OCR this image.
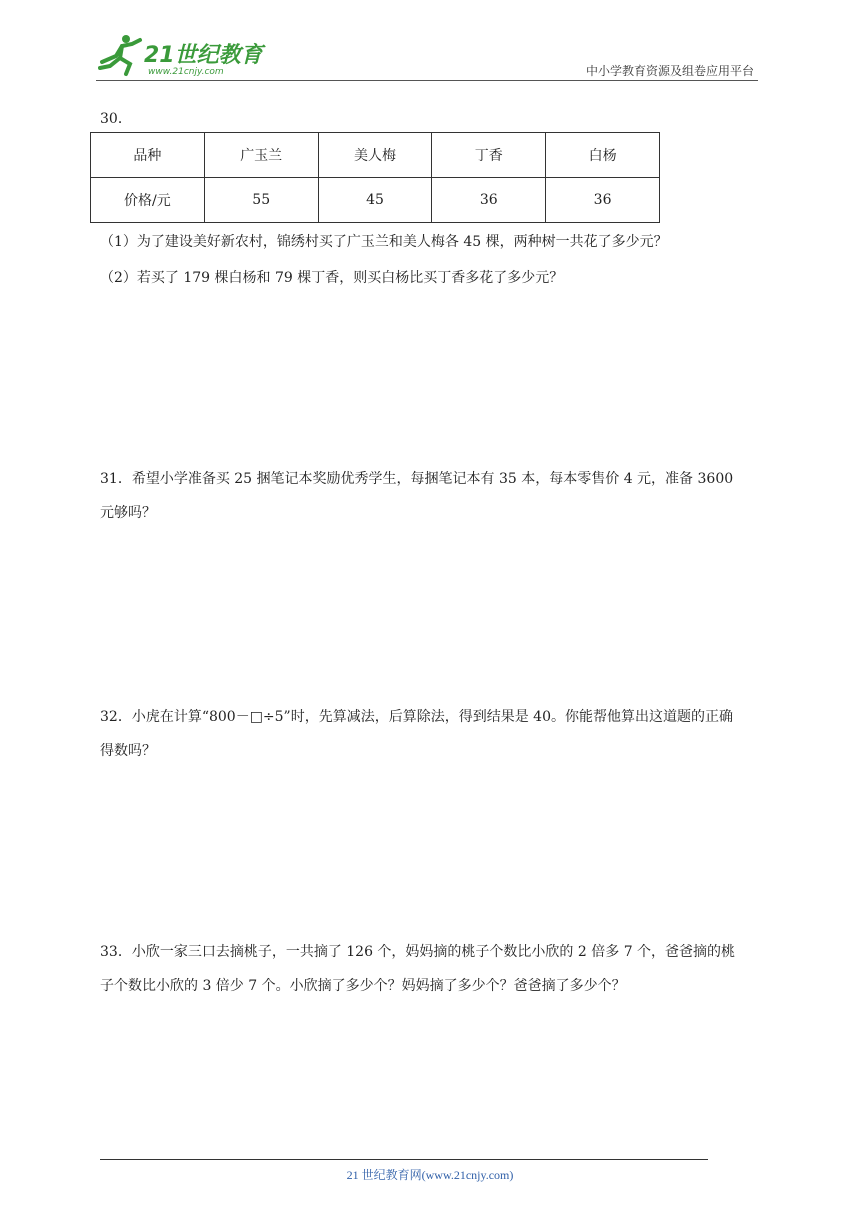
21世纪教育
www.21cnjy.com	中小学教育资源及组卷应用平台
30．
品种	广玉兰	美人梅	丁香	白杨
价格/元	55	45	36	36
（1）为了建设美好新农村，锦绣村买了广玉兰和美人梅各 45 棵，两种树一共花了多少元？
（2）若买了 179 棵白杨和 79 棵丁香，则买白杨比买丁香多花了多少元？
31．希望小学准备买 25 捆笔记本奖励优秀学生，每捆笔记本有 35 本，每本零售价 4 元，准备 3600
元够吗？
32．小虎在计算“800－□÷5”时，先算减法，后算除法，得到结果是 40。你能帮他算出这道题的正确
得数吗？
33．小欣一家三口去摘桃子，一共摘了 126 个，妈妈摘的桃子个数比小欣的 2 倍多 7 个，爸爸摘的桃
子个数比小欣的 3 倍少 7 个。小欣摘了多少个？妈妈摘了多少个？爸爸摘了多少个？
21 世纪教育网(www.21cnjy.com)
